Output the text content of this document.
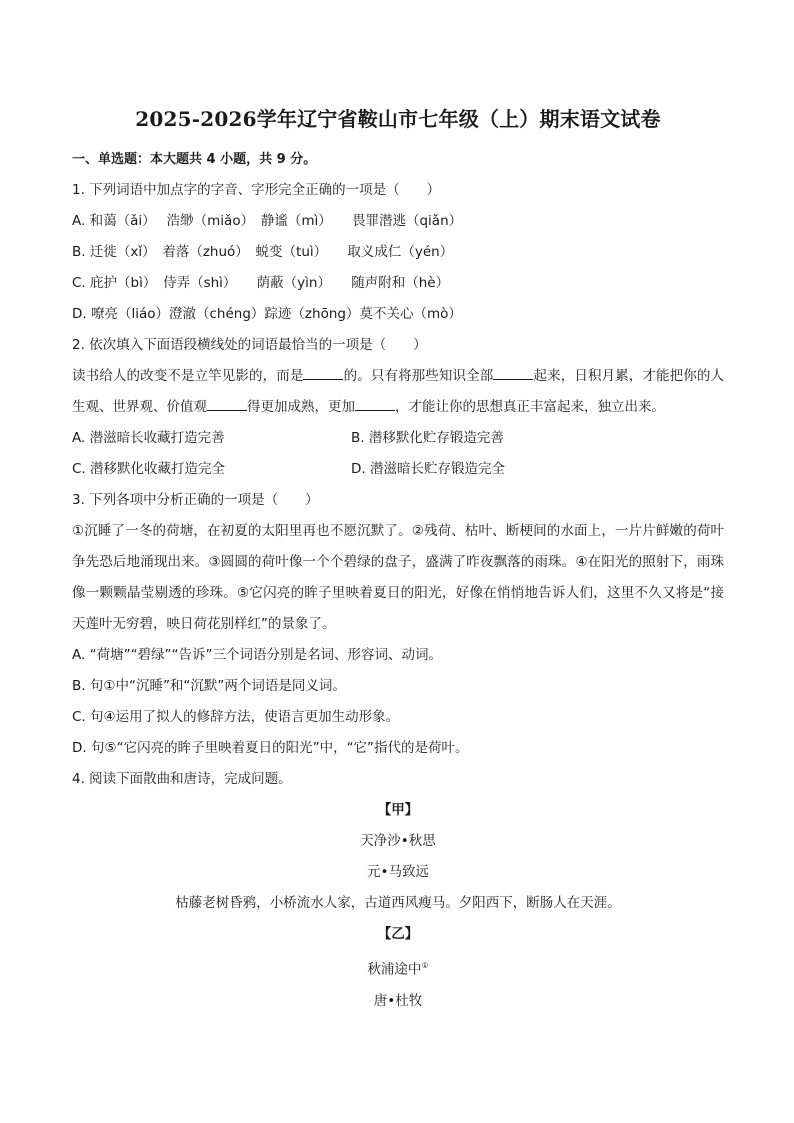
2025-2026学年辽宁省鞍山市七年级（上）期末语文试卷
一、单选题：本大题共 4 小题，共 9 分。
1. 下列词语中加点字的字音、字形完全正确的一项是（　　）
A. 和蔼（ǎi）　 浩缈（miǎo）　静谧（mì）　　畏罪潜逃（qiǎn）
B. 迁徙（xǐ）　着落（zhuó）　蜕变（tuì）　　取义成仁（yén）
C. 庇护（bì）　侍弄（shì）　　荫蔽（yìn）　　随声附和（hè）
D. 嘹亮（liáo）澄澈（chéng）踪迹（zhōng）莫不关心（mò）
2. 依次填入下面语段横线处的词语最恰当的一项是（　　）
读书给人的改变不是立竿见影的，而是	的。只有将那些知识全部	起来，日积月累，才能把你的人生观、世界观、价值观	得更加成熟，更加	，才能让你的思想真正丰富起来，独立出来。
A. 潜滋暗长收藏打造完善	B. 潜移默化贮存锻造完善
C. 潜移默化收藏打造完全	D. 潜滋暗长贮存锻造完全
3. 下列各项中分析正确的一项是（　　）
①沉睡了一冬的荷塘，在初夏的太阳里再也不愿沉默了。②残荷、枯叶、断梗间的水面上，一片片鲜嫩的荷叶争先恐后地涌现出来。③圆圆的荷叶像一个个碧绿的盘子，盛满了昨夜飘落的雨珠。④在阳光的照射下，雨珠像一颗颗晶莹剔透的珍珠。⑤它闪亮的眸子里映着夏日的阳光，好像在悄悄地告诉人们，这里不久又将是“接天莲叶无穷碧，映日荷花别样红”的景象了。
A. “荷塘”“碧绿”“告诉”三个词语分别是名词、形容词、动词。
B. 句①中“沉睡”和“沉默”两个词语是同义词。
C. 句④运用了拟人的修辞方法，使语言更加生动形象。
D. 句⑤“它闪亮的眸子里映着夏日的阳光”中，“它”指代的是荷叶。
4. 阅读下面散曲和唐诗，完成问题。
【甲】
天净沙•秋思
元•马致远
枯藤老树昏鸦，小桥流水人家，古道西风瘦马。夕阳西下，断肠人在天涯。
【乙】
秋浦途中①
唐•杜牧
